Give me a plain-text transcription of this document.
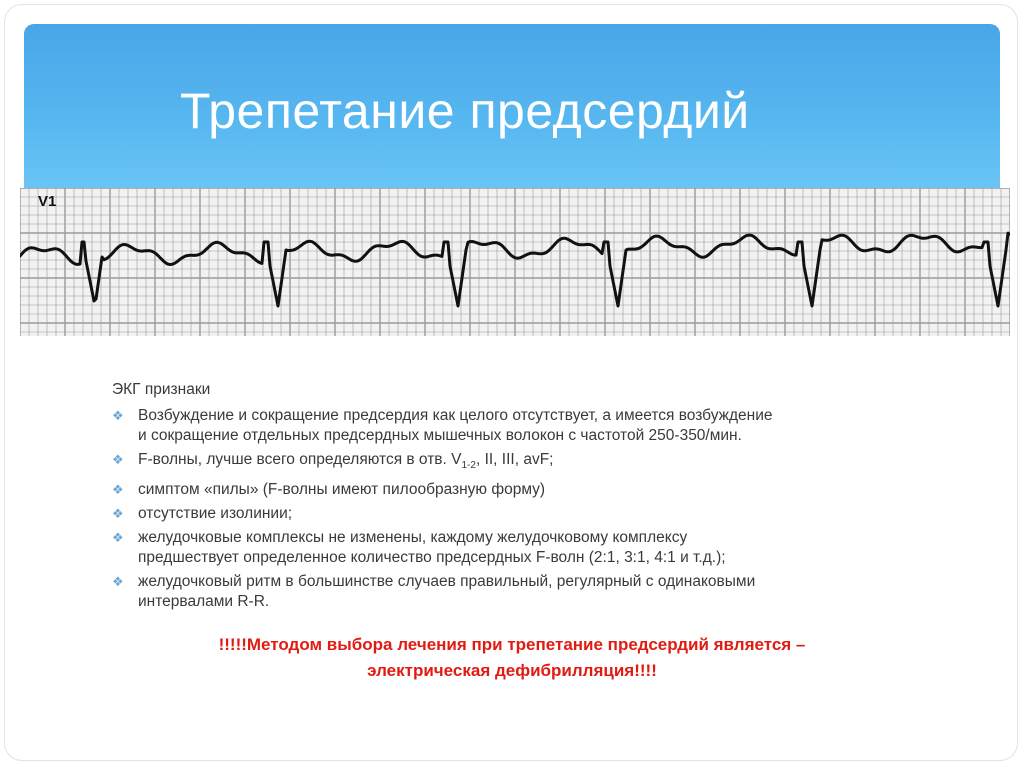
Трепетание предсердий
V1
ЭКГ признаки
❖ Возбуждение и сокращение предсердия как целого отсутствует, а имеется возбуждение
и сокращение отдельных предсердных мышечных волокон с частотой 250-350/мин.
❖ F-волны, лучше всего определяются в отв. $V_{1-2}$, II, III, avF;
❖ симптом «пилы» (F-волны имеют пилообразную форму)
❖ отсутствие изолинии;
❖ желудочковые комплексы не изменены, каждому желудочковому комплексу
предшествует определенное количество предсердных F-волн (2:1, 3:1, 4:1 и т.д.);
❖ желудочковый ритм в большинстве случаев правильный, регулярный с одинаковыми
интервалами R-R.
!!!!!Методом выбора лечения при трепетание предсердий является –
электрическая дефибрилляция!!!!
